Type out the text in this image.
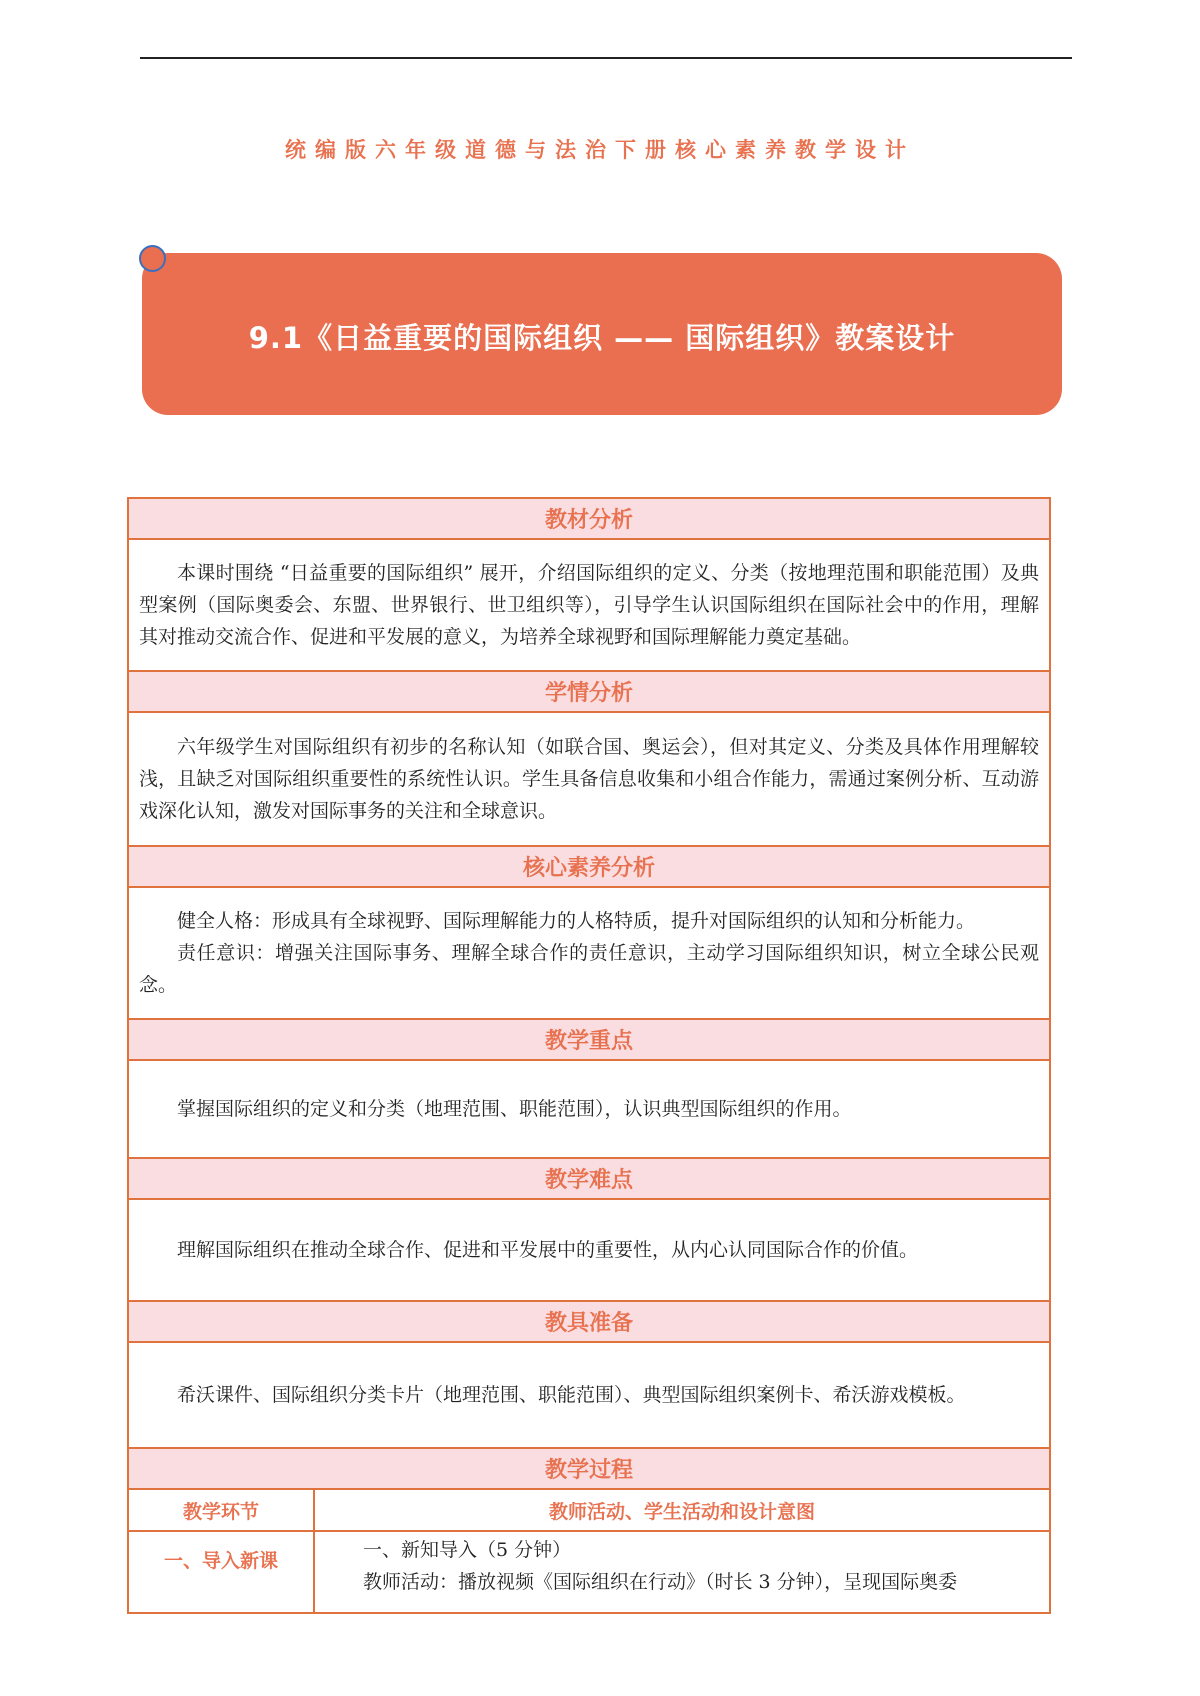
统编版六年级道德与法治下册核心素养教学设计
9.1《日益重要的国际组织 —— 国际组织》教案设计
教材分析	

本课时围绕 “日益重要的国际组织” 展开，介绍国际组织的定义、分类（按地理范围和职能范围）及典型案例（国际奥委会、东盟、世界银行、世卫组织等），引导学生认识国际组织在国际社会中的作用，理解其对推动交流合作、促进和平发展的意义，为培养全球视野和国际理解能力奠定基础。	

学情分析	

六年级学生对国际组织有初步的名称认知（如联合国、奥运会），但对其定义、分类及具体作用理解较浅，且缺乏对国际组织重要性的系统性认识。学生具备信息收集和小组合作能力，需通过案例分析、互动游戏深化认知，激发对国际事务的关注和全球意识。	

核心素养分析	

健全人格：形成具有全球视野、国际理解能力的人格特质，提升对国际组织的认知和分析能力。

责任意识：增强关注国际事务、理解全球合作的责任意识，主动学习国际组织知识，树立全球公民观念。	

教学重点	

掌握国际组织的定义和分类（地理范围、职能范围），认识典型国际组织的作用。	

教学难点	

理解国际组织在推动全球合作、促进和平发展中的重要性，从内心认同国际合作的价值。	

教具准备	

希沃课件、国际组织分类卡片（地理范围、职能范围）、典型国际组织案例卡、希沃游戏模板。	

教学过程	
教学环节	教师活动、学生活动和设计意图
一、导入新课	一、新知导入（5 分钟）

教师活动：播放视频《国际组织在行动》（时长 3 分钟），呈现国际奥委
